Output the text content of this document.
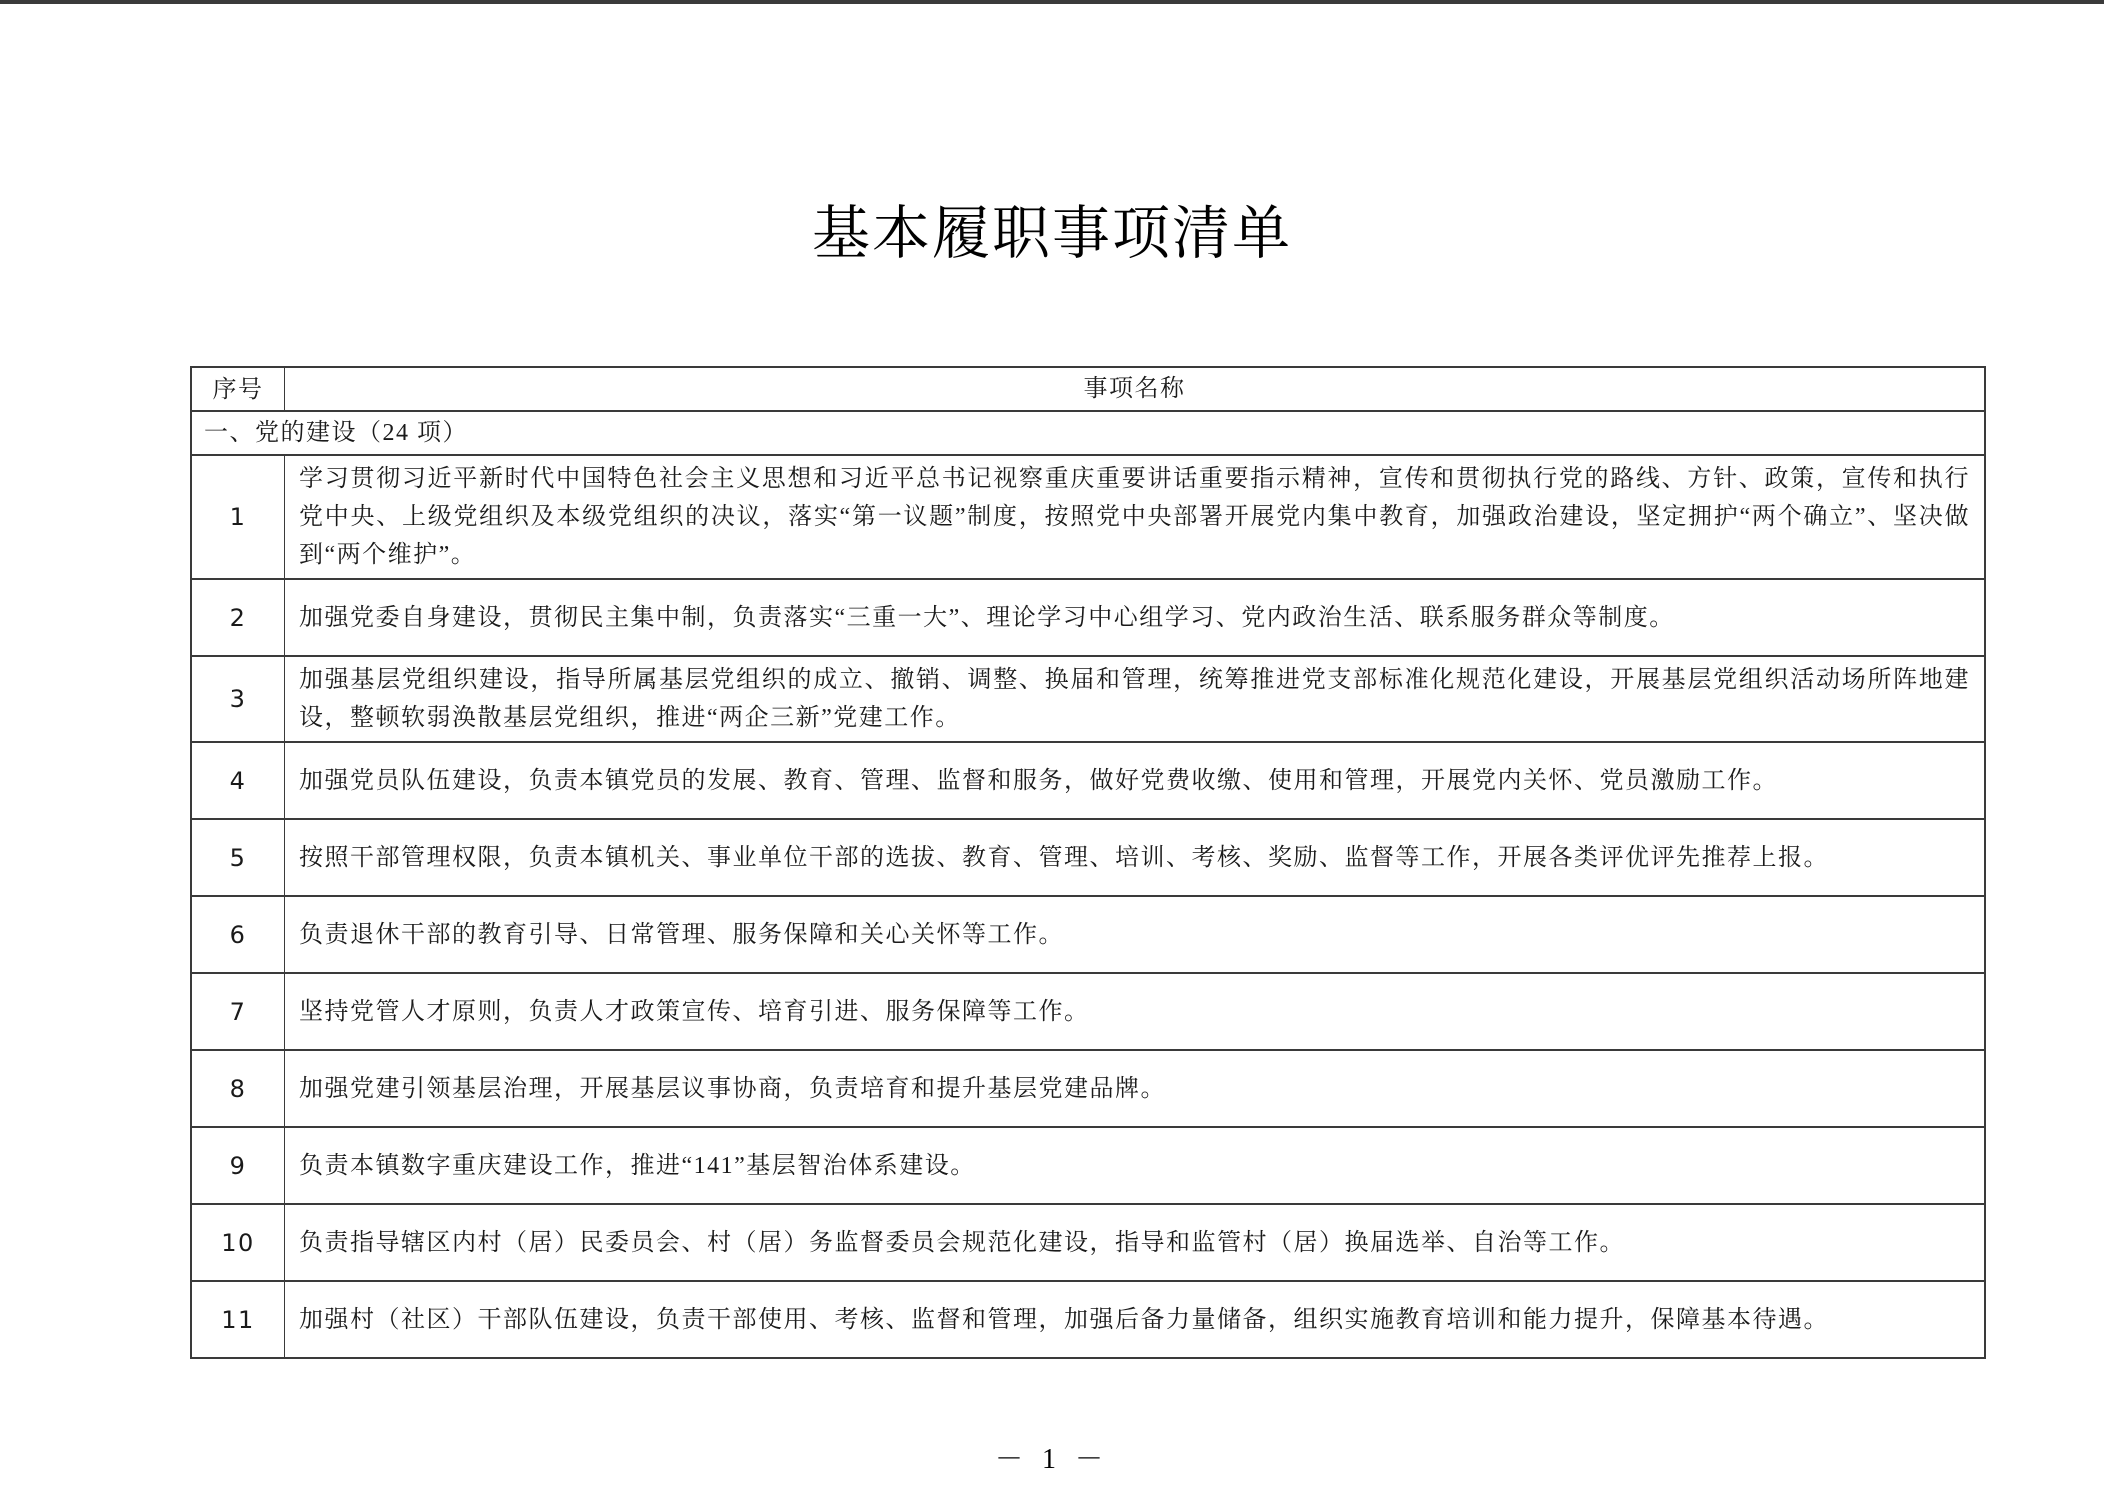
基本履职事项清单
序号	事项名称
一、党的建设（24 项）	
1	学习贯彻习近平新时代中国特色社会主义思想和习近平总书记视察重庆重要讲话重要指示精神，宣传和贯彻执行党的路线、方针、政策，宣传和执行党中央、上级党组织及本级党组织的决议，落实“第一议题”制度，按照党中央部署开展党内集中教育，加强政治建设，坚定拥护“两个确立”、坚决做到“两个维护”。
2	加强党委自身建设，贯彻民主集中制，负责落实“三重一大”、理论学习中心组学习、党内政治生活、联系服务群众等制度。
3	加强基层党组织建设，指导所属基层党组织的成立、撤销、调整、换届和管理，统筹推进党支部标准化规范化建设，开展基层党组织活动场所阵地建设，整顿软弱涣散基层党组织，推进“两企三新”党建工作。
4	加强党员队伍建设，负责本镇党员的发展、教育、管理、监督和服务，做好党费收缴、使用和管理，开展党内关怀、党员激励工作。
5	按照干部管理权限，负责本镇机关、事业单位干部的选拔、教育、管理、培训、考核、奖励、监督等工作，开展各类评优评先推荐上报。
6	负责退休干部的教育引导、日常管理、服务保障和关心关怀等工作。
7	坚持党管人才原则，负责人才政策宣传、培育引进、服务保障等工作。
8	加强党建引领基层治理，开展基层议事协商，负责培育和提升基层党建品牌。
9	负责本镇数字重庆建设工作，推进“141”基层智治体系建设。
10	负责指导辖区内村（居）民委员会、村（居）务监督委员会规范化建设，指导和监管村（居）换届选举、自治等工作。
11	加强村（社区）干部队伍建设，负责干部使用、考核、监督和管理，加强后备力量储备，组织实施教育培训和能力提升，保障基本待遇。
－ 1 －
